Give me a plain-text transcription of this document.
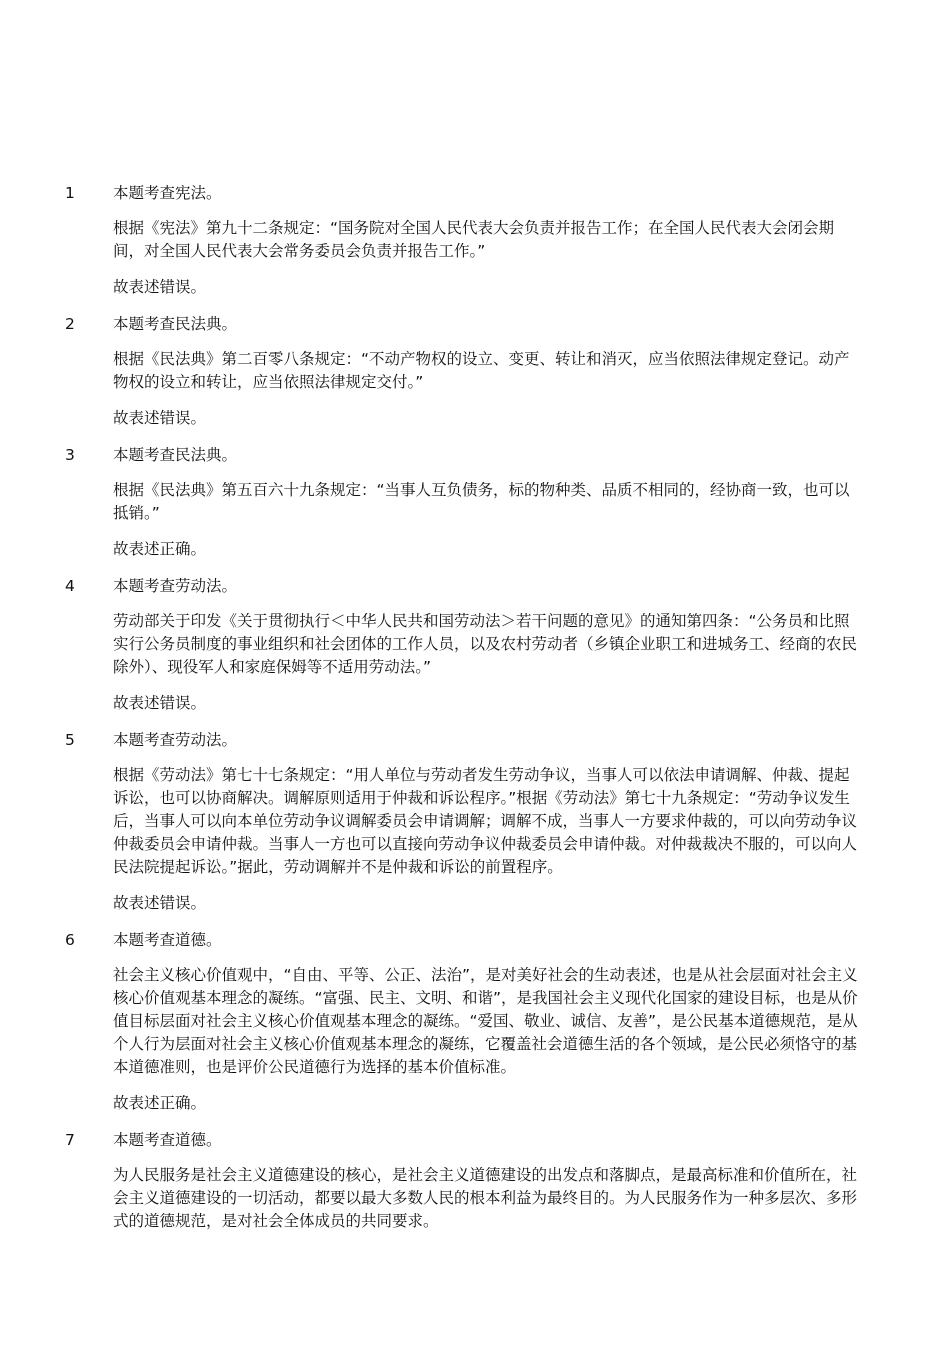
1	本题考查宪法。

根据《宪法》第九十二条规定：“国务院对全国人民代表大会负责并报告工作；在全国人民代表大会闭会期间，对全国人民代表大会常务委员会负责并报告工作。”

故表述错误。

2	本题考查民法典。

根据《民法典》第二百零八条规定：“不动产物权的设立、变更、转让和消灭，应当依照法律规定登记。动产物权的设立和转让，应当依照法律规定交付。”

故表述错误。

3	本题考查民法典。

根据《民法典》第五百六十九条规定：“当事人互负债务，标的物种类、品质不相同的，经协商一致，也可以抵销。”

故表述正确。

4	本题考查劳动法。

劳动部关于印发《关于贯彻执行＜中华人民共和国劳动法＞若干问题的意见》的通知第四条：“公务员和比照实行公务员制度的事业组织和社会团体的工作人员，以及农村劳动者（乡镇企业职工和进城务工、经商的农民除外）、现役军人和家庭保姆等不适用劳动法。”

故表述错误。

5	本题考查劳动法。

根据《劳动法》第七十七条规定：“用人单位与劳动者发生劳动争议，当事人可以依法申请调解、仲裁、提起诉讼，也可以协商解决。调解原则适用于仲裁和诉讼程序。”根据《劳动法》第七十九条规定：“劳动争议发生后，当事人可以向本单位劳动争议调解委员会申请调解；调解不成，当事人一方要求仲裁的，可以向劳动争议仲裁委员会申请仲裁。当事人一方也可以直接向劳动争议仲裁委员会申请仲裁。对仲裁裁决不服的，可以向人民法院提起诉讼。”据此，劳动调解并不是仲裁和诉讼的前置程序。

故表述错误。

6	本题考查道德。

社会主义核心价值观中，“自由、平等、公正、法治”，是对美好社会的生动表述，也是从社会层面对社会主义核心价值观基本理念的凝练。“富强、民主、文明、和谐”，是我国社会主义现代化国家的建设目标，也是从价值目标层面对社会主义核心价值观基本理念的凝练。“爱国、敬业、诚信、友善”，是公民基本道德规范，是从个人行为层面对社会主义核心价值观基本理念的凝练，它覆盖社会道德生活的各个领域，是公民必须恪守的基本道德准则，也是评价公民道德行为选择的基本价值标准。

故表述正确。

7	本题考查道德。

为人民服务是社会主义道德建设的核心，是社会主义道德建设的出发点和落脚点，是最高标准和价值所在，社会主义道德建设的一切活动，都要以最大多数人民的根本利益为最终目的。为人民服务作为一种多层次、多形式的道德规范，是对社会全体成员的共同要求。
